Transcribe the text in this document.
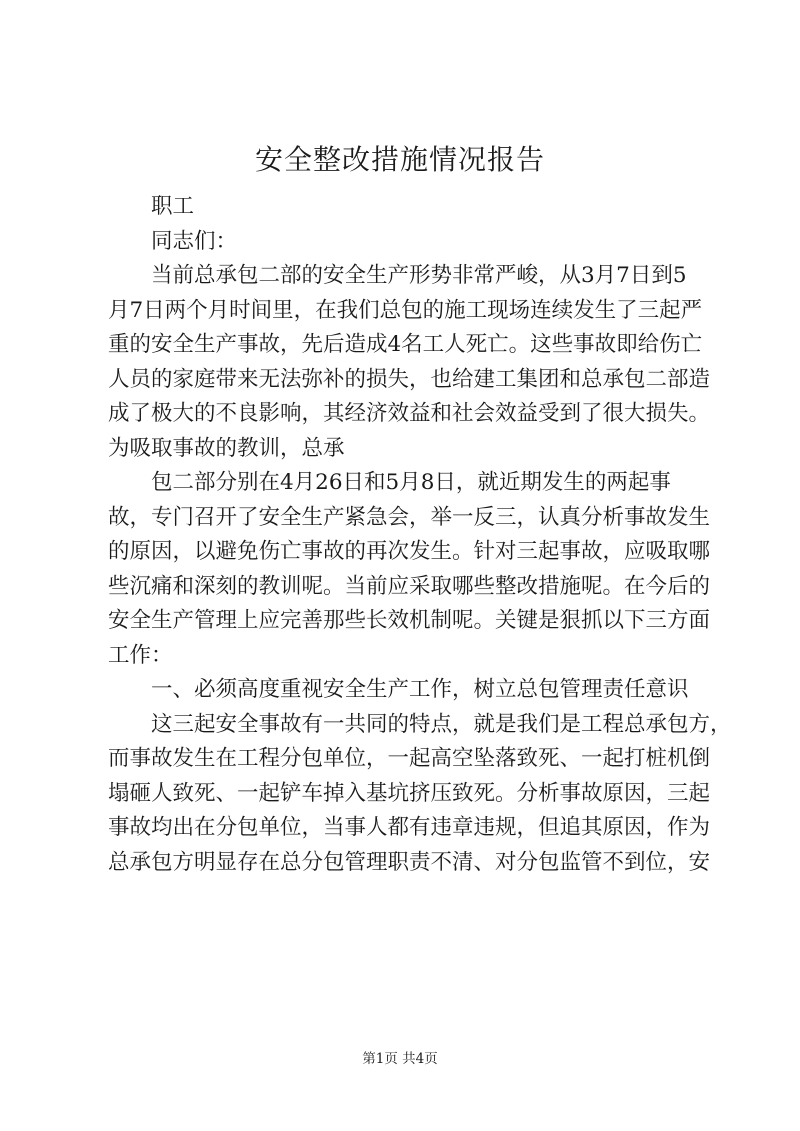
安全整改措施情况报告

职工

同志们：

当前总承包二部的安全生产形势非常严峻，从3月7日到5
月7日两个月时间里，在我们总包的施工现场连续发生了三起严
重的安全生产事故，先后造成4名工人死亡。这些事故即给伤亡
人员的家庭带来无法弥补的损失，也给建工集团和总承包二部造
成了极大的不良影响，其经济效益和社会效益受到了很大损失。
为吸取事故的教训，总承

包二部分别在4月26日和5月8日，就近期发生的两起事
故，专门召开了安全生产紧急会，举一反三，认真分析事故发生
的原因，以避免伤亡事故的再次发生。针对三起事故，应吸取哪
些沉痛和深刻的教训呢。当前应采取哪些整改措施呢。在今后的
安全生产管理上应完善那些长效机制呢。关键是狠抓以下三方面
工作：

一、必须高度重视安全生产工作，树立总包管理责任意识

这三起安全事故有一共同的特点，就是我们是工程总承包方，
而事故发生在工程分包单位，一起高空坠落致死、一起打桩机倒
塌砸人致死、一起铲车掉入基坑挤压致死。分析事故原因，三起
事故均出在分包单位，当事人都有违章违规，但追其原因，作为
总承包方明显存在总分包管理职责不清、对分包监管不到位，安

第1页 共4页
